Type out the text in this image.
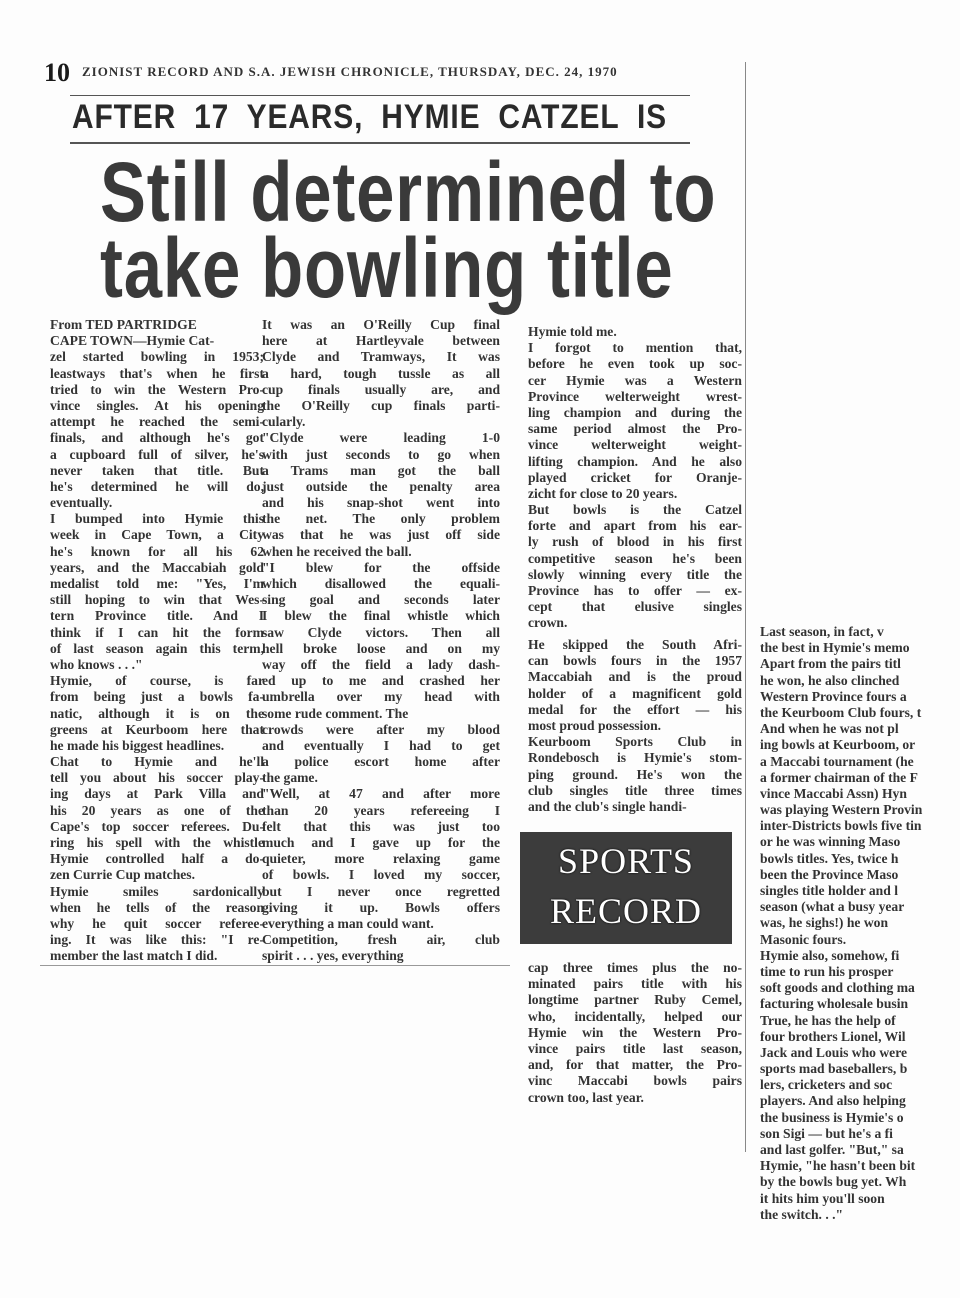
10 ZIONIST RECORD AND S.A. JEWISH CHRONICLE, THURSDAY, DEC. 24, 1970
AFTER 17 YEARS, HYMIE CATZEL IS
Still determined to
take bowling title
From TED PARTRIDGE
CAPE TOWN—Hymie Cat-
zel started bowling in 1953;
leastways that's when he first
tried to win the Western Pro-
vince singles. At his opening
attempt he reached the semi-
finals, and although he's got
a cupboard full of silver, he's
never taken that title. But
he's determined he will do,
eventually.
I bumped into Hymie this
week in Cape Town, a City
he's known for all his 62
years, and the Maccabiah gold
medalist told me: "Yes, I'm
still hoping to win that Wes-
tern Province title. And I
think if I can hit the form
of last season again this term,
who knows . . ."
Hymie, of course, is far
from being just a bowls fa-
natic, although it is on the
greens at Keurboom here that
he made his biggest headlines.
Chat to Hymie and he'll
tell you about his soccer play-
ing days at Park Villa and
his 20 years as one of the
Cape's top soccer referees. Du-
ring his spell with the whistle
Hymie controlled half a do-
zen Currie Cup matches.
Hymie smiles sardonically
when he tells of the reason
why he quit soccer referee-
ing. It was like this: "I re-
member the last match I did.
It was an O'Reilly Cup final
here at Hartleyvale between
Clyde and Tramways, It was
a hard, tough tussle as all
cup finals usually are, and
the O'Reilly cup finals parti-
cularly.
"Clyde were leading 1-0
with just seconds to go when
a Trams man got the ball
just outside the penalty area
and his snap-shot went into
the net. The only problem
was that he was just off side
when he received the ball.
"I blew for the offside
which disallowed the equali-
sing goal and seconds later
I blew the final whistle which
saw Clyde victors. Then all
hell broke loose and on my
way off the field a lady dash-
ed up to me and crashed her
umbrella over my head with
some rude comment. The
crowds were after my blood
and eventually I had to get
a police escort home after
the game.
"Well, at 47 and after more
than 20 years refereeing I
felt that this was just too
much and I gave up for the
quieter, more relaxing game
of bowls. I loved my soccer,
but I never once regretted
giving it up. Bowls offers
everything a man could want.
Competition, fresh air, club
spirit . . . yes, everything
Hymie told me.
I forgot to mention that,
before he even took up soc-
cer Hymie was a Western
Province welterweight wrest-
ling champion and during the
same period almost the Pro-
vince welterweight weight-
lifting champion. And he also
played cricket for Oranje-
zicht for close to 20 years.
But bowls is the Catzel
forte and apart from his ear-
ly rush of blood in his first
competitive season he's been
slowly winning every title the
Province has to offer — ex-
cept that elusive singles
crown.
He skipped the South Afri-
can bowls fours in the 1957
Maccabiah and is the proud
holder of a magnificent gold
medal for the effort — his
most proud possession.
Keurboom Sports Club in
Rondebosch is Hymie's stom-
ping ground. He's won the
club singles title three times
and the club's single handi-
SPORTS
RECORD
cap three times plus the no-
minated pairs title with his
longtime partner Ruby Cemel,
who, incidentally, helped our
Hymie win the Western Pro-
vince pairs title last season,
and, for that matter, the Pro-
vinc Maccabi bowls pairs
crown too, last year.
Last season, in fact, v
the best in Hymie's memo
Apart from the pairs titl
he won, he also clinched
Western Province fours a
the Keurboom Club fours, t
And when he was not pl
ing bowls at Keurboom, or
a Maccabi tournament (he
a former chairman of the F
vince Maccabi Assn) Hyn
was playing Western Provin
inter-Districts bowls five tin
or he was winning Maso
bowls titles. Yes, twice h
been the Province Maso
singles title holder and l
season (what a busy year
was, he sighs!) he won
Masonic fours.
Hymie also, somehow, fi
time to run his prosper
soft goods and clothing ma
facturing wholesale busin
True, he has the help of
four brothers Lionel, Wil
Jack and Louis who were
sports mad baseballers, b
lers, cricketers and soc
players. And also helping
the business is Hymie's o
son Sigi — but he's a fi
and last golfer. "But," sa
Hymie, "he hasn't been bit
by the bowls bug yet. Wh
it hits him you'll soon
the switch. . ."
